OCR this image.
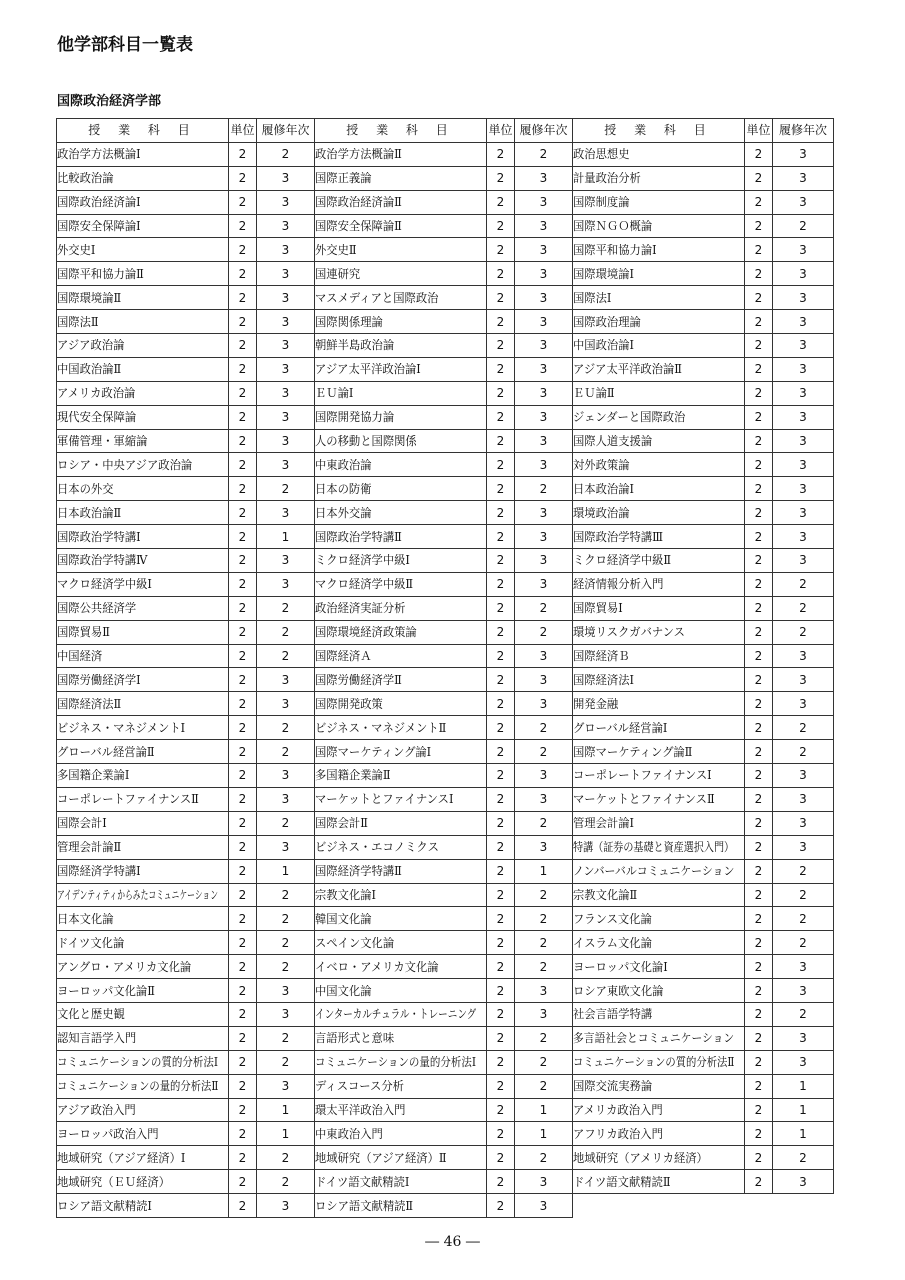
他学部科目一覧表
国際政治経済学部
授 業 科 目	単位	履修年次	授 業 科 目	単位	履修年次	授 業 科 目	単位	履修年次

政治学方法概論Ⅰ	2	2	政治学方法概論Ⅱ	2	2	政治思想史	2	3

比較政治論	2	3	国際正義論	2	3	計量政治分析	2	3

国際政治経済論Ⅰ	2	3	国際政治経済論Ⅱ	2	3	国際制度論	2	3

国際安全保障論Ⅰ	2	3	国際安全保障論Ⅱ	2	3	国際ＮＧＯ概論	2	2

外交史Ⅰ	2	3	外交史Ⅱ	2	3	国際平和協力論Ⅰ	2	3

国際平和協力論Ⅱ	2	3	国連研究	2	3	国際環境論Ⅰ	2	3

国際環境論Ⅱ	2	3	マスメディアと国際政治	2	3	国際法Ⅰ	2	3

国際法Ⅱ	2	3	国際関係理論	2	3	国際政治理論	2	3

アジア政治論	2	3	朝鮮半島政治論	2	3	中国政治論Ⅰ	2	3

中国政治論Ⅱ	2	3	アジア太平洋政治論Ⅰ	2	3	アジア太平洋政治論Ⅱ	2	3

アメリカ政治論	2	3	ＥＵ論Ⅰ	2	3	ＥＵ論Ⅱ	2	3

現代安全保障論	2	3	国際開発協力論	2	3	ジェンダーと国際政治	2	3

軍備管理・軍縮論	2	3	人の移動と国際関係	2	3	国際人道支援論	2	3

ロシア・中央アジア政治論	2	3	中東政治論	2	3	対外政策論	2	3

日本の外交	2	2	日本の防衛	2	2	日本政治論Ⅰ	2	3

日本政治論Ⅱ	2	3	日本外交論	2	3	環境政治論	2	3

国際政治学特講Ⅰ	2	1	国際政治学特講Ⅱ	2	3	国際政治学特講Ⅲ	2	3

国際政治学特講Ⅳ	2	3	ミクロ経済学中級Ⅰ	2	3	ミクロ経済学中級Ⅱ	2	3

マクロ経済学中級Ⅰ	2	3	マクロ経済学中級Ⅱ	2	3	経済情報分析入門	2	2

国際公共経済学	2	2	政治経済実証分析	2	2	国際貿易Ⅰ	2	2

国際貿易Ⅱ	2	2	国際環境経済政策論	2	2	環境リスクガバナンス	2	2

中国経済	2	2	国際経済Ａ	2	3	国際経済Ｂ	2	3

国際労働経済学Ⅰ	2	3	国際労働経済学Ⅱ	2	3	国際経済法Ⅰ	2	3

国際経済法Ⅱ	2	3	国際開発政策	2	3	開発金融	2	3

ビジネス・マネジメントⅠ	2	2	ビジネス・マネジメントⅡ	2	2	グローバル経営論Ⅰ	2	2

グローバル経営論Ⅱ	2	2	国際マーケティング論Ⅰ	2	2	国際マーケティング論Ⅱ	2	2

多国籍企業論Ⅰ	2	3	多国籍企業論Ⅱ	2	3	コーポレートファイナンスⅠ	2	3

コーポレートファイナンスⅡ	2	3	マーケットとファイナンスⅠ	2	3	マーケットとファイナンスⅡ	2	3

国際会計Ⅰ	2	2	国際会計Ⅱ	2	2	管理会計論Ⅰ	2	3

管理会計論Ⅱ	2	3	ビジネス・エコノミクス	2	3	特講（証券の基礎と資産選択入門）	2	3

国際経済学特講Ⅰ	2	1	国際経済学特講Ⅱ	2	1	ノンバーバルコミュニケーション	2	2

アイデンティティからみたコミュニケーション	2	2	宗教文化論Ⅰ	2	2	宗教文化論Ⅱ	2	2

日本文化論	2	2	韓国文化論	2	2	フランス文化論	2	2

ドイツ文化論	2	2	スペイン文化論	2	2	イスラム文化論	2	2

アングロ・アメリカ文化論	2	2	イベロ・アメリカ文化論	2	2	ヨーロッパ文化論Ⅰ	2	3

ヨーロッパ文化論Ⅱ	2	3	中国文化論	2	3	ロシア東欧文化論	2	3

文化と歴史観	2	3	インターカルチュラル・トレーニング	2	3	社会言語学特講	2	2

認知言語学入門	2	2	言語形式と意味	2	2	多言語社会とコミュニケーション	2	3

コミュニケーションの質的分析法Ⅰ	2	2	コミュニケーションの量的分析法Ⅰ	2	2	コミュニケーションの質的分析法Ⅱ	2	3

コミュニケーションの量的分析法Ⅱ	2	3	ディスコース分析	2	2	国際交流実務論	2	1

アジア政治入門	2	1	環太平洋政治入門	2	1	アメリカ政治入門	2	1

ヨーロッパ政治入門	2	1	中東政治入門	2	1	アフリカ政治入門	2	1

地域研究（アジア経済）Ⅰ	2	2	地域研究（アジア経済）Ⅱ	2	2	地域研究（アメリカ経済）	2	2

地域研究（ＥＵ経済）	2	2	ドイツ語文献精読Ⅰ	2	3	ドイツ語文献精読Ⅱ	2	3

ロシア語文献精読Ⅰ	2	3	ロシア語文献精読Ⅱ	2	3			
― 46 ―
